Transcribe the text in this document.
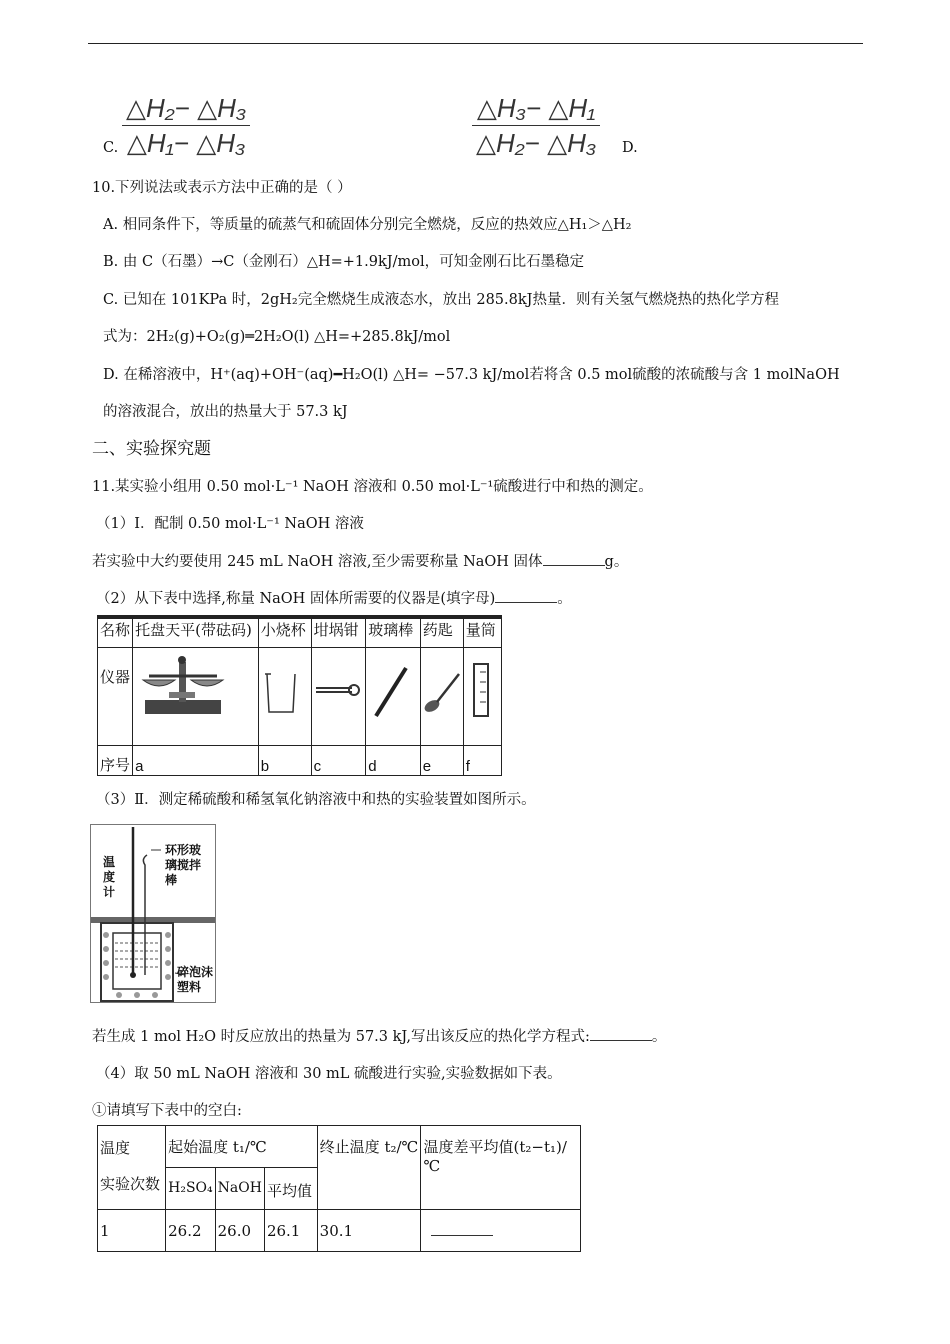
C.
△H₂− △H₃
△H₁− △H₃
△H₃− △H₁
△H₂− △H₃ D.
10.下列说法或表示方法中正确的是（ ）
A. 相同条件下，等质量的硫蒸气和硫固体分别完全燃烧，反应的热效应△H₁＞△H₂
B. 由 C（石墨）→C（金刚石）△H=+1.9kJ/mol，可知金刚石比石墨稳定
C. 已知在 101KPa 时，2gH₂完全燃烧生成液态水，放出 285.8kJ热量．则有关氢气燃烧热的热化学方程
式为：2H₂(g)+O₂(g)═2H₂O(l) △H=+285.8kJ/mol
D. 在稀溶液中，H⁺(aq)+OH⁻(aq)━H₂O(l) △H= −57.3 kJ/mol若将含 0.5 mol硫酸的浓硫酸与含 1 molNaOH
的溶液混合，放出的热量大于 57.3 kJ
二、实验探究题
11.某实验小组用 0.50 mol·L⁻¹ NaOH 溶液和 0.50 mol·L⁻¹硫酸进行中和热的测定。
（1）Ⅰ．配制 0.50 mol·L⁻¹ NaOH 溶液
若实验中大约要使用 245 mL NaOH 溶液,至少需要称量 NaOH 固体	g。
（2）从下表中选择,称量 NaOH 固体所需要的仪器是(填字母)	。
名称	托盘天平(带砝码)	小烧杯	坩埚钳	玻璃棒	药匙	量筒
仪器	

序号	a	b	c	d	e	f
（3）Ⅱ．测定稀硫酸和稀氢氧化钠溶液中和热的实验装置如图所示。
温度计
环形玻璃搅拌棒
碎泡沫塑料
若生成 1 mol H₂O 时反应放出的热量为 57.3 kJ,写出该反应的热化学方程式:	。
（4）取 50 mL NaOH 溶液和 30 mL 硫酸进行实验,实验数据如下表。
①请填写下表中的空白:
温度
实验次数	起始温度 t₁/℃			终止温度 t₂/℃	温度差平均值(t₂−t₁)/℃
	H₂SO₄	NaOH	平均值		
1	26.2	26.0	26.1	30.1	
